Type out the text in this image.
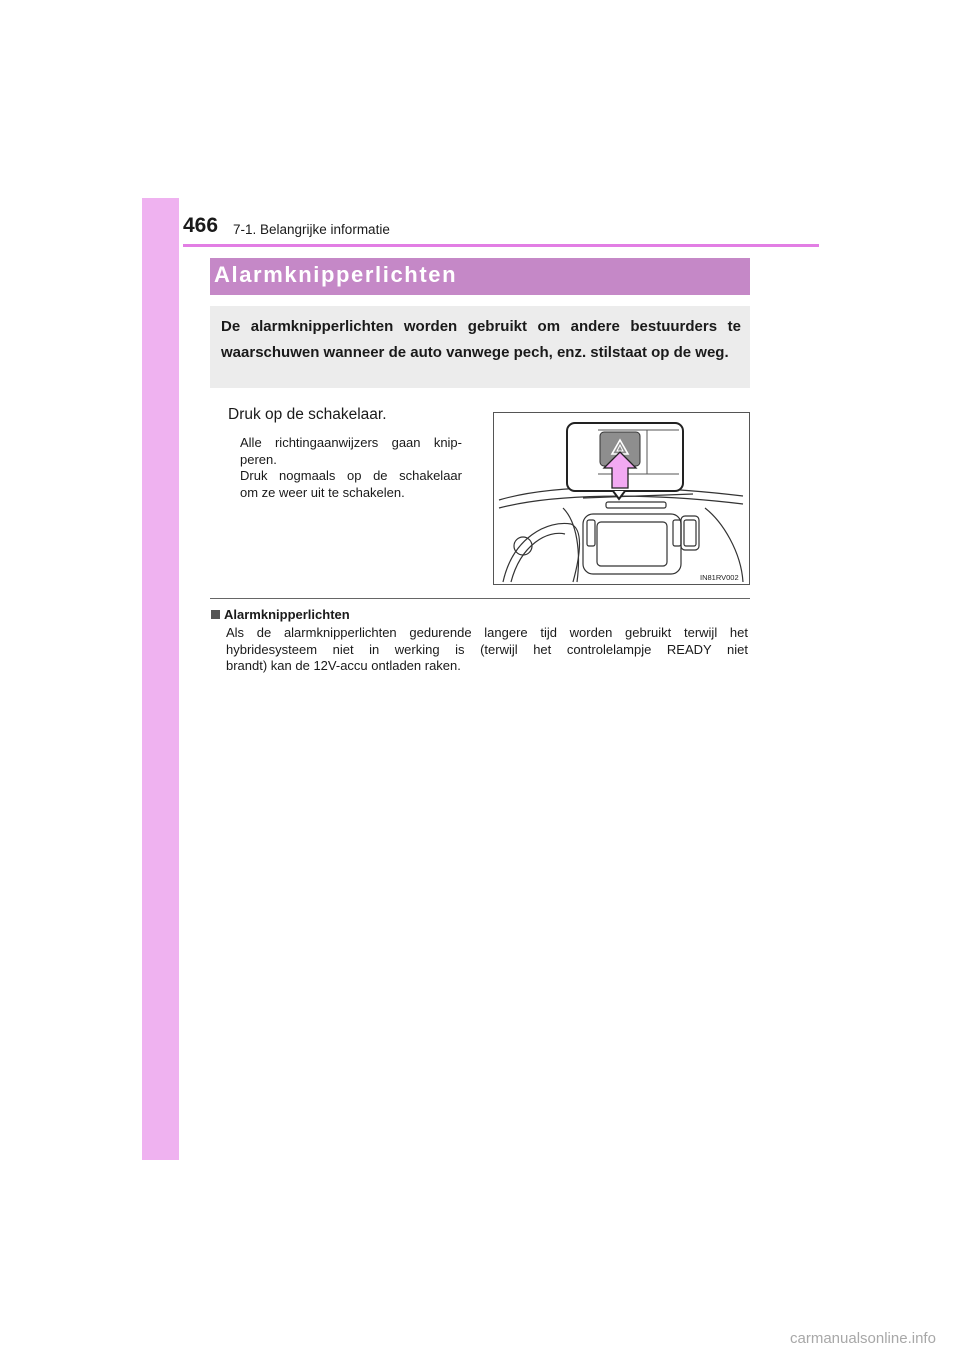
466 7-1. Belangrijke informatie
Alarmknipperlichten
De alarmknipperlichten worden gebruikt om andere bestuurders te waarschuwen wanneer de auto vanwege pech, enz. stilstaat op de weg.
Druk op de schakelaar.
Alle richtingaanwijzers gaan knip-
peren.
Druk nogmaals op de schakelaar
om ze weer uit te schakelen.
IN81RV002
Alarmknipperlichten
Als de alarmknipperlichten gedurende langere tijd worden gebruikt terwijl het
hybridesysteem niet in werking is (terwijl het controlelampje READY niet
brandt) kan de 12V-accu ontladen raken.
carmanualsonline.info
